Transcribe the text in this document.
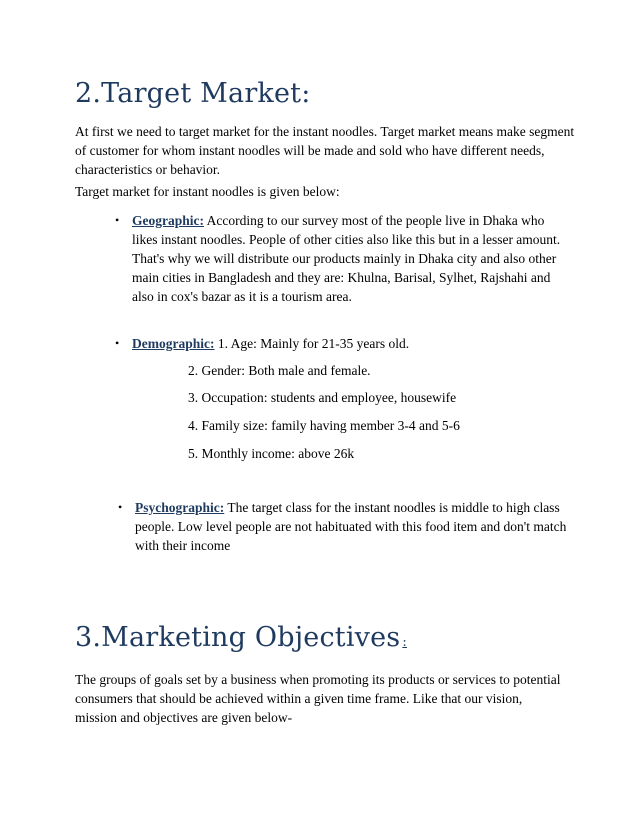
2.Target Market:

At first we need to target market for the instant noodles. Target market means make segment of customer for whom instant noodles will be made and sold who have different needs, characteristics or behavior.

Target market for instant noodles is given below:

• Geographic: According to our survey most of the people live in Dhaka who likes instant noodles. People of other cities also like this but in a lesser amount. That's why we will distribute our products mainly in Dhaka city and also other main cities in Bangladesh and they are: Khulna, Barisal, Sylhet, Rajshahi and also in cox's bazar as it is a tourism area.
• Demographic: 1. Age: Mainly for 21-35 years old.

2. Gender: Both male and female.

3. Occupation: students and employee, housewife

4. Family size: family having member 3-4 and 5-6

5. Monthly income: above 26k

• Psychographic: The target class for the instant noodles is middle to high class people. Low level people are not habituated with this food item and don't match with their income
3.Marketing Objectives :

The groups of goals set by a business when promoting its products or services to potential consumers that should be achieved within a given time frame. Like that our vision, mission and objectives are given below-
